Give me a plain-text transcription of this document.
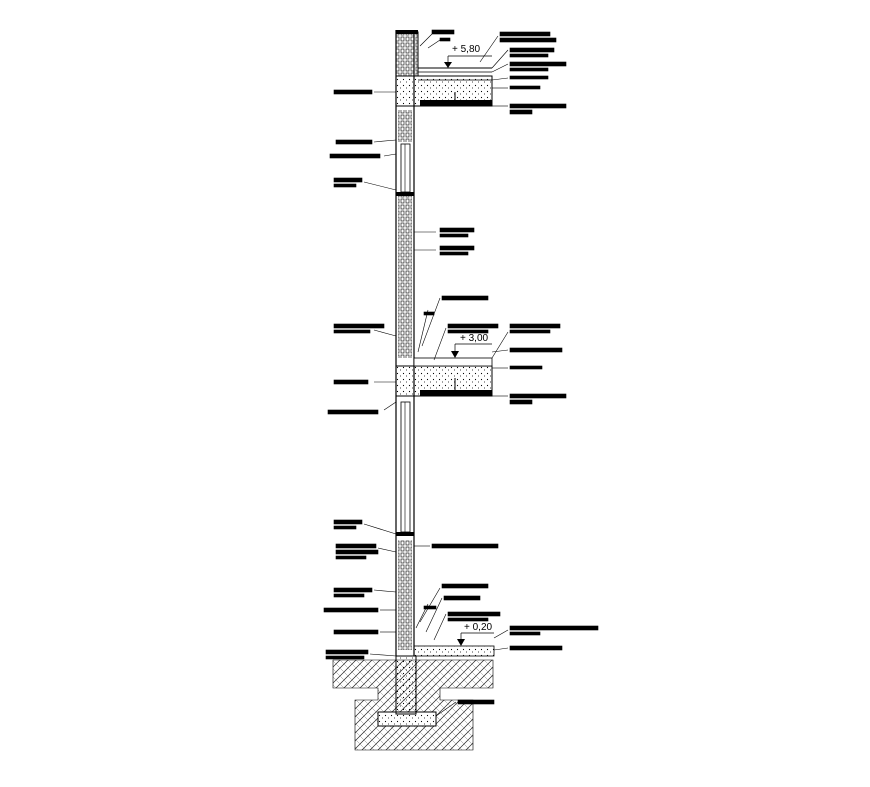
+ 5,80
+ 3,00
+ 0,20
